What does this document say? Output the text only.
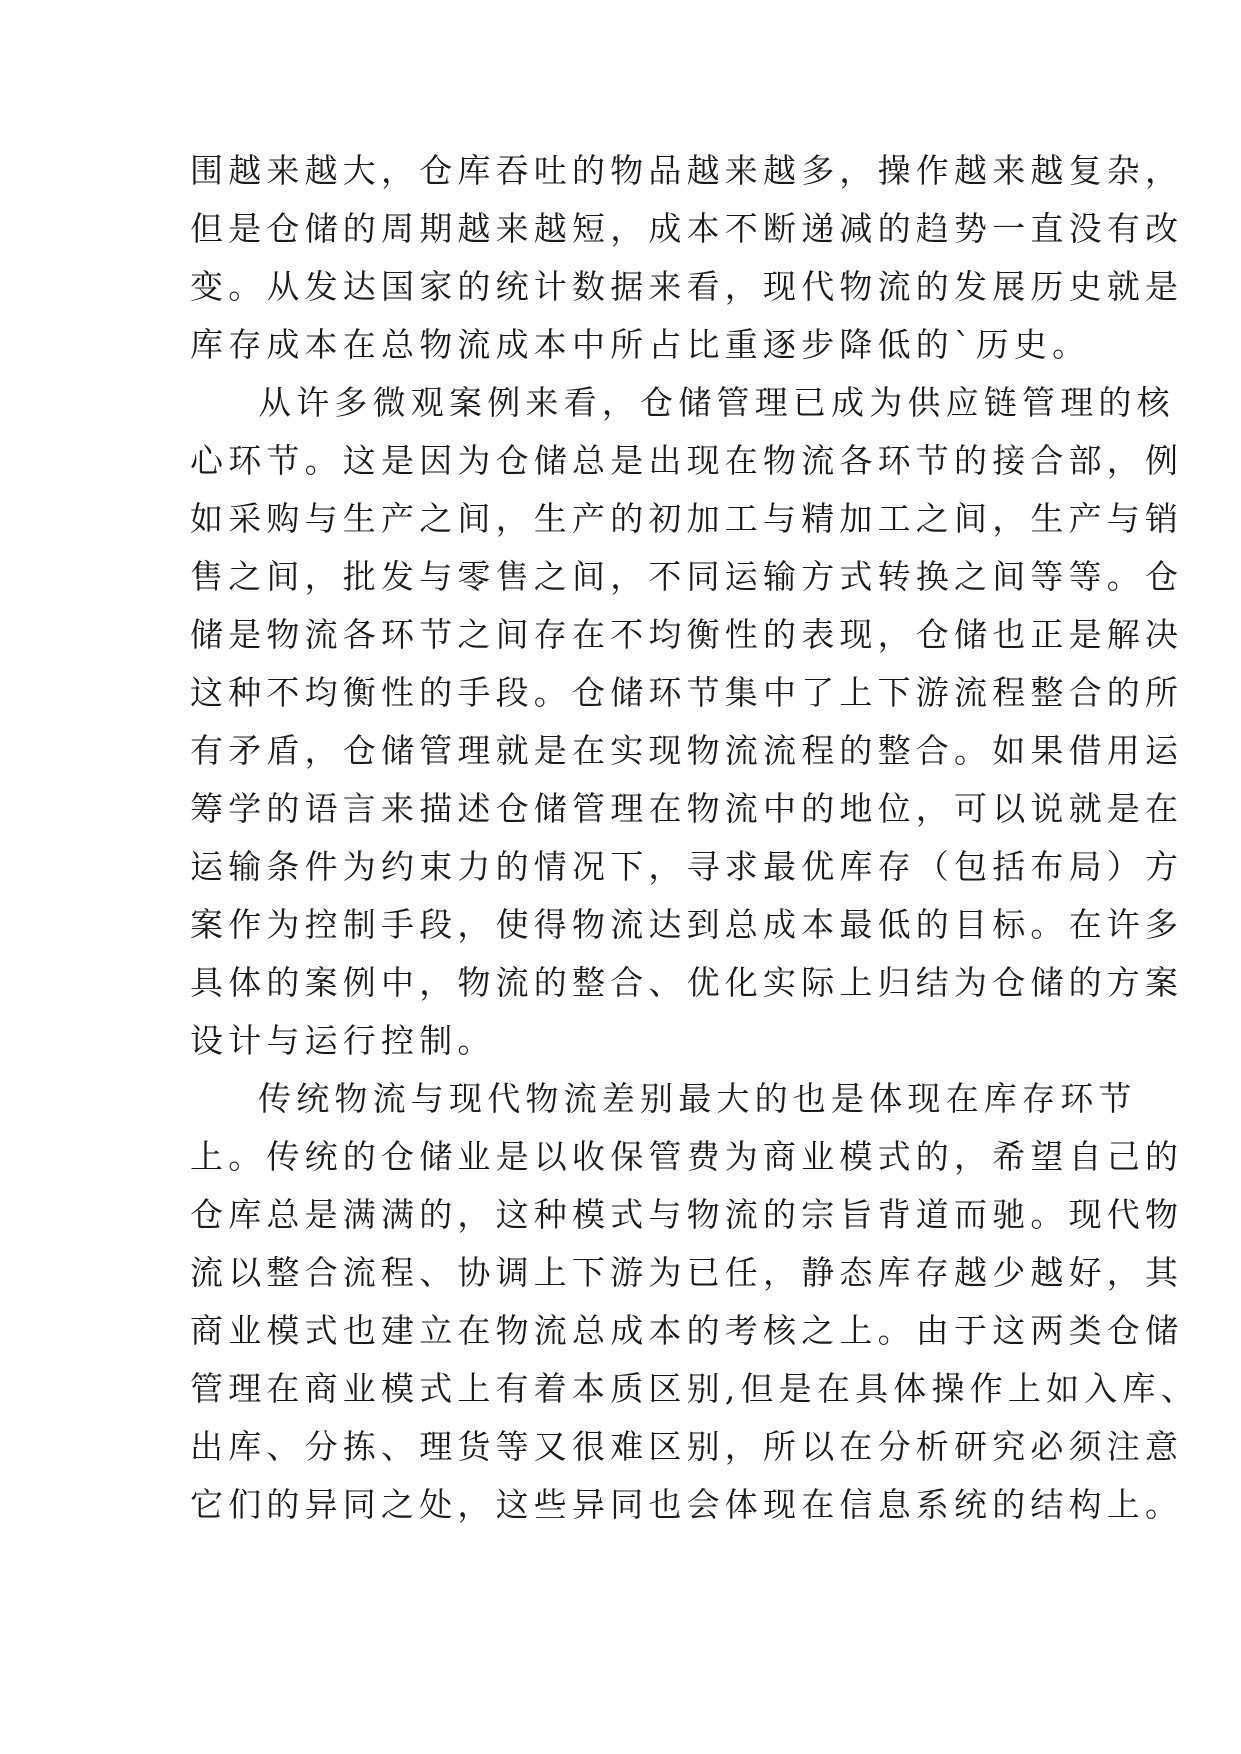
围越来越大，仓库吞吐的物品越来越多，操作越来越复杂，
但是仓储的周期越来越短，成本不断递减的趋势一直没有改
变。从发达国家的统计数据来看，现代物流的发展历史就是
库存成本在总物流成本中所占比重逐步降低的`历史。
从许多微观案例来看，仓储管理已成为供应链管理的核
心环节。这是因为仓储总是出现在物流各环节的接合部，例
如采购与生产之间，生产的初加工与精加工之间，生产与销
售之间，批发与零售之间，不同运输方式转换之间等等。仓
储是物流各环节之间存在不均衡性的表现，仓储也正是解决
这种不均衡性的手段。仓储环节集中了上下游流程整合的所
有矛盾，仓储管理就是在实现物流流程的整合。如果借用运
筹学的语言来描述仓储管理在物流中的地位，可以说就是在
运输条件为约束力的情况下，寻求最优库存（包括布局）方
案作为控制手段，使得物流达到总成本最低的目标。在许多
具体的案例中，物流的整合、优化实际上归结为仓储的方案
设计与运行控制。
传统物流与现代物流差别最大的也是体现在库存环节
上。传统的仓储业是以收保管费为商业模式的，希望自己的
仓库总是满满的，这种模式与物流的宗旨背道而驰。现代物
流以整合流程、协调上下游为已任，静态库存越少越好，其
商业模式也建立在物流总成本的考核之上。由于这两类仓储
管理在商业模式上有着本质区别,但是在具体操作上如入库、
出库、分拣、理货等又很难区别，所以在分析研究必须注意
它们的异同之处，这些异同也会体现在信息系统的结构上。
